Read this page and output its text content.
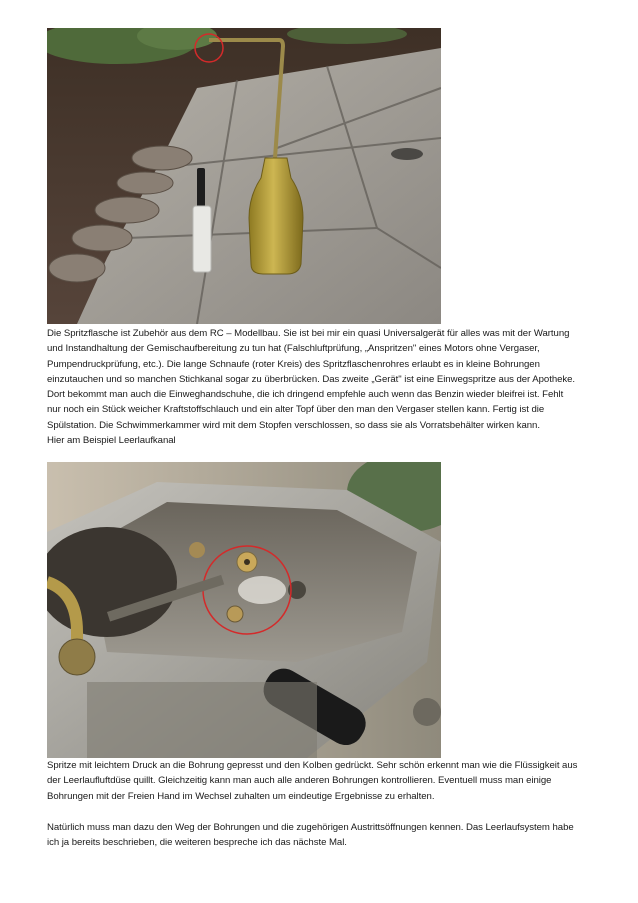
Die Spritzflasche ist Zubehör aus dem RC – Modellbau. Sie ist bei mir ein quasi Universalgerät für alles was mit der Wartung
und Instandhaltung der Gemischaufbereitung zu tun hat (Falschluftprüfung, „Anspritzen" eines Motors ohne Vergaser,
Pumpendruckprüfung, etc.). Die lange Schnaufe (roter Kreis) des Spritzflaschenrohres erlaubt es in kleine Bohrungen
einzutauchen und so manchen Stichkanal sogar zu überbrücken. Das zweite „Gerät" ist eine Einwegspritze aus der Apotheke.
Dort bekommt man auch die Einweghandschuhe, die ich dringend empfehle auch wenn das Benzin wieder bleifrei ist. Fehlt
nur noch ein Stück weicher Kraftstoffschlauch und ein alter Topf über den man den Vergaser stellen kann. Fertig ist die
Spülstation. Die Schwimmerkammer wird mit dem Stopfen verschlossen, so dass sie als Vorratsbehälter wirken kann.
Hier am Beispiel Leerlaufkanal
Spritze mit leichtem Druck an die Bohrung gepresst und den Kolben gedrückt. Sehr schön erkennt man wie die Flüssigkeit aus
der Leerlaufluftdüse quillt. Gleichzeitig kann man auch alle anderen Bohrungen kontrollieren. Eventuell muss man einige
Bohrungen mit der Freien Hand im Wechsel zuhalten um eindeutige Ergebnisse zu erhalten.
Natürlich muss man dazu den Weg der Bohrungen und die zugehörigen Austrittsöffnungen kennen. Das Leerlaufsystem habe
ich ja bereits beschrieben, die weiteren bespreche ich das nächste Mal.
